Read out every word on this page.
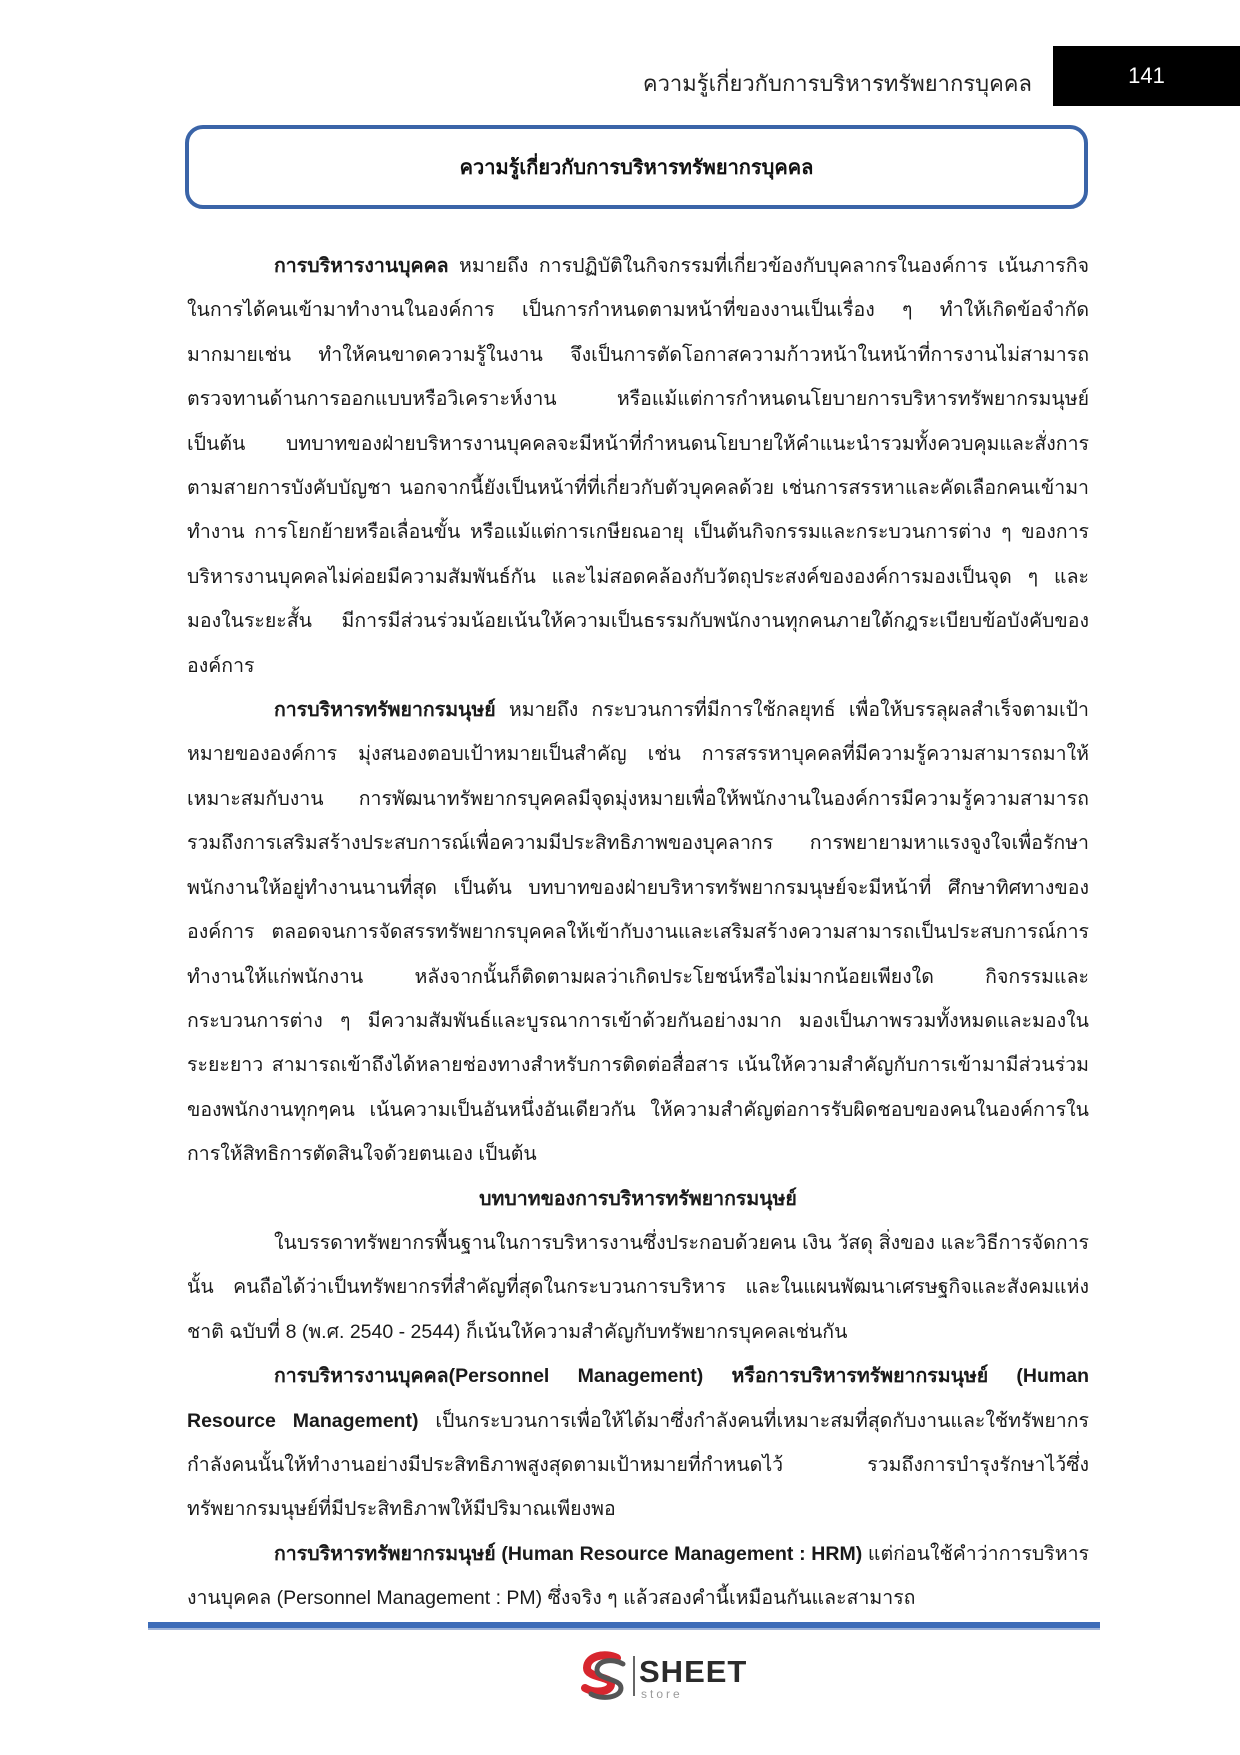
ความรู้เกี่ยวกับการบริหารทรัพยากรบุคคล	141
ความรู้เกี่ยวกับการบริหารทรัพยากรบุคคล

การบริหารงานบุคคล หมายถึง การปฏิบัติในกิจกรรมที่เกี่ยวข้องกับบุคลากรในองค์การ เน้นภารกิจในการได้คนเข้ามาทำงานในองค์การ เป็นการกำหนดตามหน้าที่ของงานเป็นเรื่อง ๆ ทำให้เกิดข้อจำกัดมากมายเช่น ทำให้คนขาดความรู้ในงาน จึงเป็นการตัดโอกาสความก้าวหน้าในหน้าที่การงานไม่สามารถตรวจทานด้านการออกแบบหรือวิเคราะห์งาน หรือแม้แต่การกำหนดนโยบายการบริหารทรัพยากรมนุษย์ เป็นต้น บทบาทของฝ่ายบริหารงานบุคคลจะมีหน้าที่กำหนดนโยบายให้คำแนะนำรวมทั้งควบคุมและสั่งการตามสายการบังคับบัญชา นอกจากนี้ยังเป็นหน้าที่ที่เกี่ยวกับตัวบุคคลด้วย เช่นการสรรหาและคัดเลือกคนเข้ามาทำงาน การโยกย้ายหรือเลื่อนขั้น หรือแม้แต่การเกษียณอายุ เป็นต้นกิจกรรมและกระบวนการต่าง ๆ ของการบริหารงานบุคคลไม่ค่อยมีความสัมพันธ์กัน และไม่สอดคล้องกับวัตถุประสงค์ขององค์การมองเป็นจุด ๆ และมองในระยะสั้น มีการมีส่วนร่วมน้อยเน้นให้ความเป็นธรรมกับพนักงานทุกคนภายใต้กฎระเบียบข้อบังคับขององค์การ

การบริหารทรัพยากรมนุษย์ หมายถึง กระบวนการที่มีการใช้กลยุทธ์ เพื่อให้บรรลุผลสำเร็จตามเป้าหมายขององค์การ มุ่งสนองตอบเป้าหมายเป็นสำคัญ เช่น การสรรหาบุคคลที่มีความรู้ความสามารถมาให้เหมาะสมกับงาน การพัฒนาทรัพยากรบุคคลมีจุดมุ่งหมายเพื่อให้พนักงานในองค์การมีความรู้ความสามารถ รวมถึงการเสริมสร้างประสบการณ์เพื่อความมีประสิทธิภาพของบุคลากร การพยายามหาแรงจูงใจเพื่อรักษาพนักงานให้อยู่ทำงานนานที่สุด เป็นต้น บทบาทของฝ่ายบริหารทรัพยากรมนุษย์จะมีหน้าที่ ศึกษาทิศทางขององค์การ ตลอดจนการจัดสรรทรัพยากรบุคคลให้เข้ากับงานและเสริมสร้างความสามารถเป็นประสบการณ์การทำงานให้แก่พนักงาน หลังจากนั้นก็ติดตามผลว่าเกิดประโยชน์หรือไม่มากน้อยเพียงใด กิจกรรมและกระบวนการต่าง ๆ มีความสัมพันธ์และบูรณาการเข้าด้วยกันอย่างมาก มองเป็นภาพรวมทั้งหมดและมองในระยะยาว สามารถเข้าถึงได้หลายช่องทางสำหรับการติดต่อสื่อสาร เน้นให้ความสำคัญกับการเข้ามามีส่วนร่วมของพนักงานทุกๆคน เน้นความเป็นอันหนึ่งอันเดียวกัน ให้ความสำคัญต่อการรับผิดชอบของคนในองค์การในการให้สิทธิการตัดสินใจด้วยตนเอง เป็นต้น

บทบาทของการบริหารทรัพยากรมนุษย์

ในบรรดาทรัพยากรพื้นฐานในการบริหารงานซึ่งประกอบด้วยคน เงิน วัสดุ สิ่งของ และวิธีการจัดการนั้น คนถือได้ว่าเป็นทรัพยากรที่สำคัญที่สุดในกระบวนการบริหาร และในแผนพัฒนาเศรษฐกิจและสังคมแห่งชาติ ฉบับที่ 8 (พ.ศ. 2540 - 2544) ก็เน้นให้ความสำคัญกับทรัพยากรบุคคลเช่นกัน

การบริหารงานบุคคล(Personnel Management) หรือการบริหารทรัพยากรมนุษย์ (Human Resource Management) เป็นกระบวนการเพื่อให้ได้มาซึ่งกำลังคนที่เหมาะสมที่สุดกับงานและใช้ทรัพยากรกำลังคนนั้นให้ทำงานอย่างมีประสิทธิภาพสูงสุดตามเป้าหมายที่กำหนดไว้ รวมถึงการบำรุงรักษาไว้ซึ่งทรัพยากรมนุษย์ที่มีประสิทธิภาพให้มีปริมาณเพียงพอ

การบริหารทรัพยากรมนุษย์ (Human Resource Management : HRM) แต่ก่อนใช้คำว่าการบริหารงานบุคคล (Personnel Management : PM) ซึ่งจริง ๆ แล้วสองคำนี้เหมือนกันและสามารถ

SHEET
store
